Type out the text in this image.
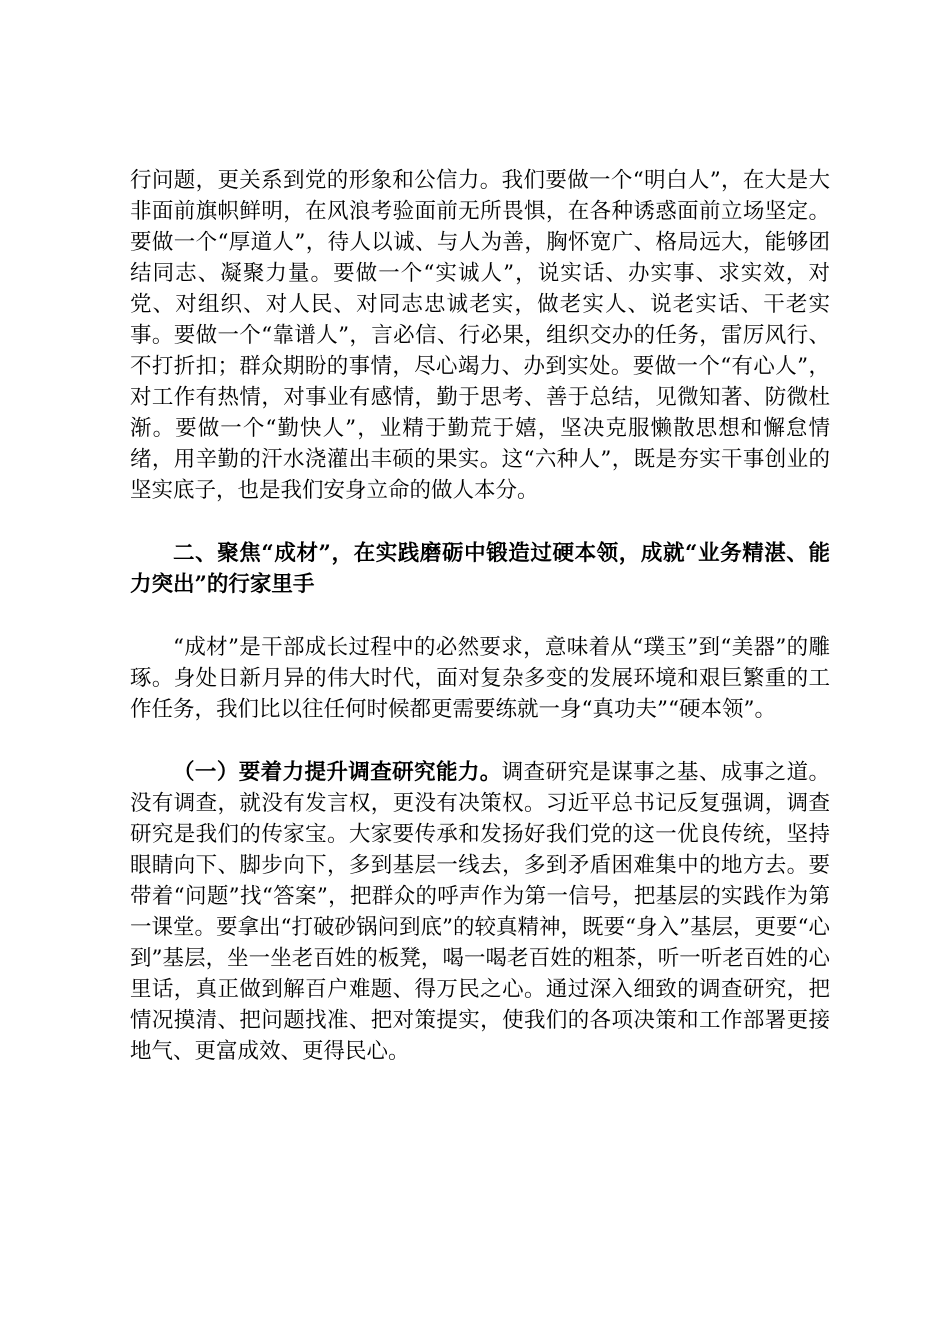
行问题，更关系到党的形象和公信力。我们要做一个“明白人”，在大是大非面前旗帜鲜明，在风浪考验面前无所畏惧，在各种诱惑面前立场坚定。要做一个“厚道人”，待人以诚、与人为善，胸怀宽广、格局远大，能够团结同志、凝聚力量。要做一个“实诚人”，说实话、办实事、求实效，对党、对组织、对人民、对同志忠诚老实，做老实人、说老实话、干老实事。要做一个“靠谱人”，言必信、行必果，组织交办的任务，雷厉风行、不打折扣；群众期盼的事情，尽心竭力、办到实处。要做一个“有心人”，对工作有热情，对事业有感情，勤于思考、善于总结，见微知著、防微杜渐。要做一个“勤快人”，业精于勤荒于嬉，坚决克服懒散思想和懈怠情绪，用辛勤的汗水浇灌出丰硕的果实。这“六种人”，既是夯实干事创业的坚实底子，也是我们安身立命的做人本分。

二、聚焦“成材”，在实践磨砺中锻造过硬本领，成就“业务精湛、能力突出”的行家里手

“成材”是干部成长过程中的必然要求，意味着从“璞玉”到“美器”的雕琢。身处日新月异的伟大时代，面对复杂多变的发展环境和艰巨繁重的工作任务，我们比以往任何时候都更需要练就一身“真功夫”“硬本领”。

（一）要着力提升调查研究能力。调查研究是谋事之基、成事之道。没有调查，就没有发言权，更没有决策权。习近平总书记反复强调，调查研究是我们的传家宝。大家要传承和发扬好我们党的这一优良传统，坚持眼睛向下、脚步向下，多到基层一线去，多到矛盾困难集中的地方去。要带着“问题”找“答案”，把群众的呼声作为第一信号，把基层的实践作为第一课堂。要拿出“打破砂锅问到底”的较真精神，既要“身入”基层，更要“心到”基层，坐一坐老百姓的板凳，喝一喝老百姓的粗茶，听一听老百姓的心里话，真正做到解百户难题、得万民之心。通过深入细致的调查研究，把情况摸清、把问题找准、把对策提实，使我们的各项决策和工作部署更接地气、更富成效、更得民心。
